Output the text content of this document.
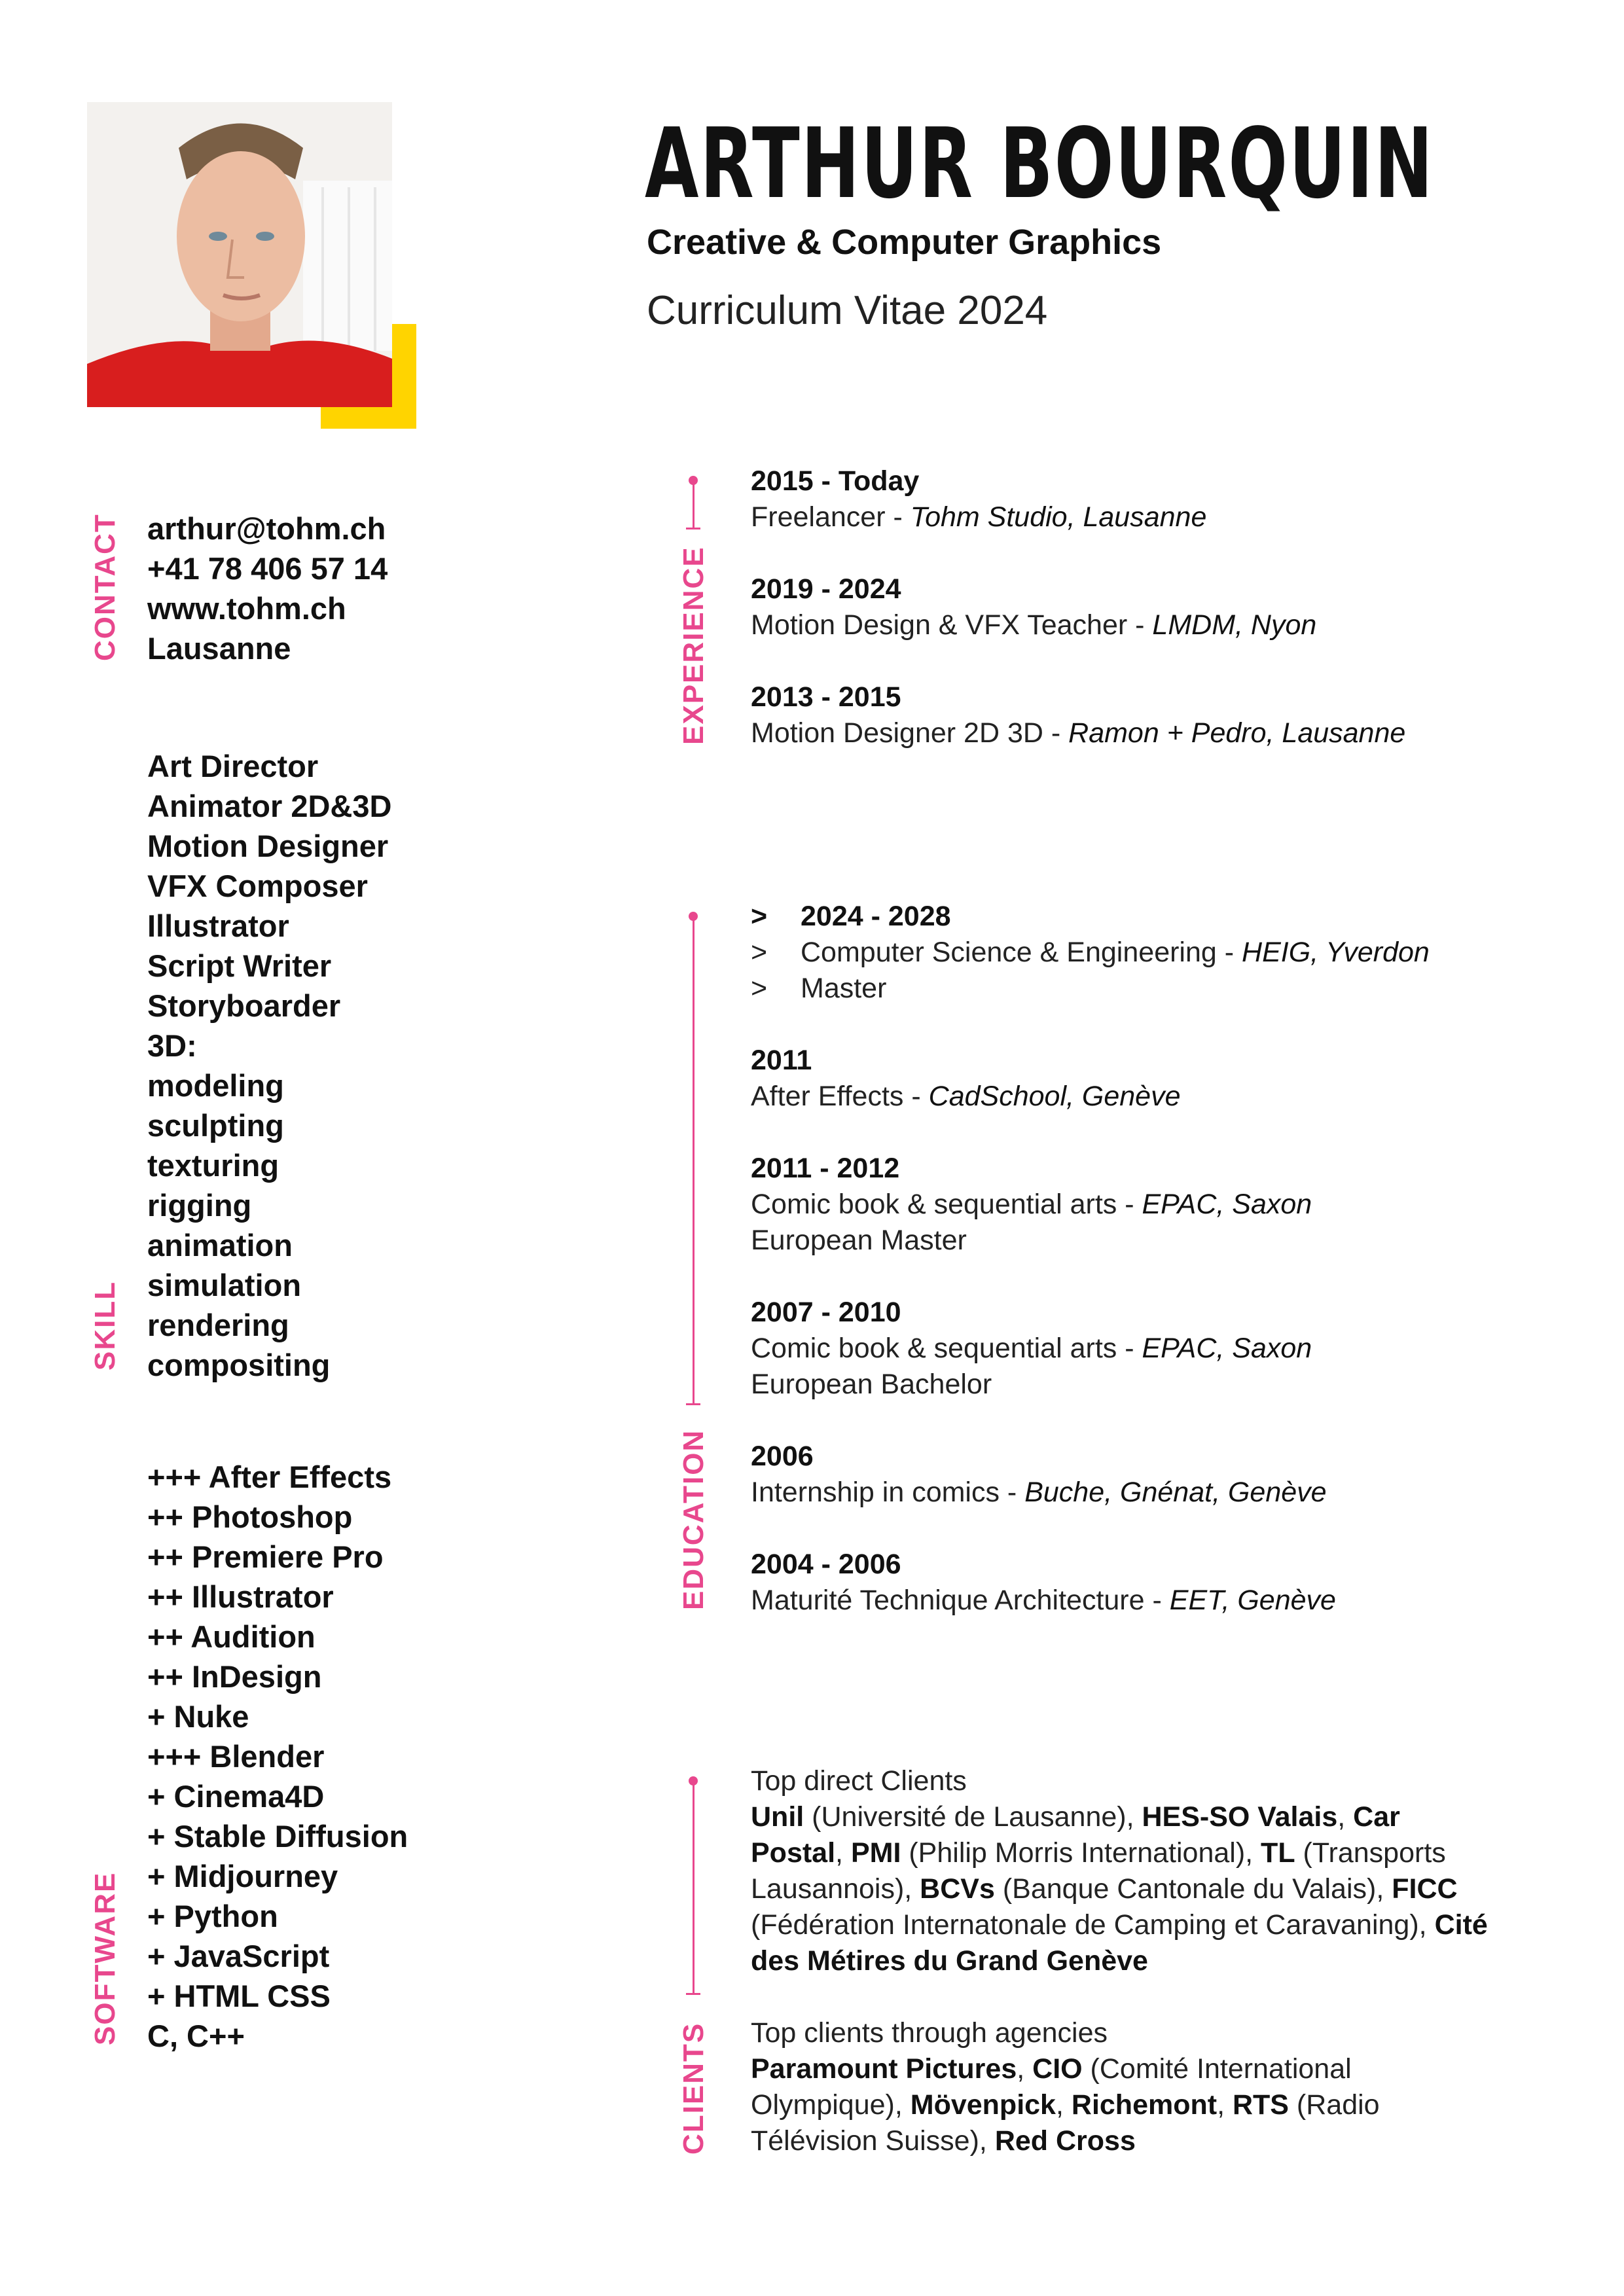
ARTHUR BOURQUIN
Creative & Computer Graphics
Curriculum Vitae 2024
CONTACT
SKILL
SOFTWARE
EXPERIENCE
EDUCATION
CLIENTS
arthur@tohm.ch
+41 78 406 57 14
www.tohm.ch
Lausanne
Art Director
Animator 2D&3D
Motion Designer
VFX Composer
Illustrator
Script Writer
Storyboarder
3D:
modeling
sculpting
texturing
rigging
animation
simulation
rendering
compositing
+++ After Effects
++ Photoshop
++ Premiere Pro
++ Illustrator
++ Audition
++ InDesign
+ Nuke
+++ Blender
+ Cinema4D
+ Stable Diffusion
+ Midjourney
+ Python
+ JavaScript
+ HTML CSS
C, C++
2015 - Today
Freelancer - Tohm Studio, Lausanne
2019 - 2024
Motion Design & VFX Teacher - LMDM, Nyon
2013 - 2015
Motion Designer 2D 3D - Ramon + Pedro, Lausanne
> 2024 - 2028
> Computer Science & Engineering - HEIG, Yverdon
> Master
2011
After Effects - CadSchool, Genève
2011 - 2012
Comic book & sequential arts - EPAC, Saxon
European Master
2007 - 2010
Comic book & sequential arts - EPAC, Saxon
European Bachelor
2006
Internship in comics - Buche, Gnénat, Genève
2004 - 2006
Maturité Technique Architecture - EET, Genève

Top direct Clients
Unil (Université de Lausanne), HES-SO Valais, Car Postal, PMI (Philip Morris International), TL (Transports Lausannois), BCVs (Banque Cantonale du Valais), FICC (Fédération Internatonale de Camping et Caravaning), Cité des Métires du Grand Genève

Top clients through agencies
Paramount Pictures, CIO (Comité International Olympique), Mövenpick, Richemont, RTS (Radio Télévision Suisse), Red Cross
